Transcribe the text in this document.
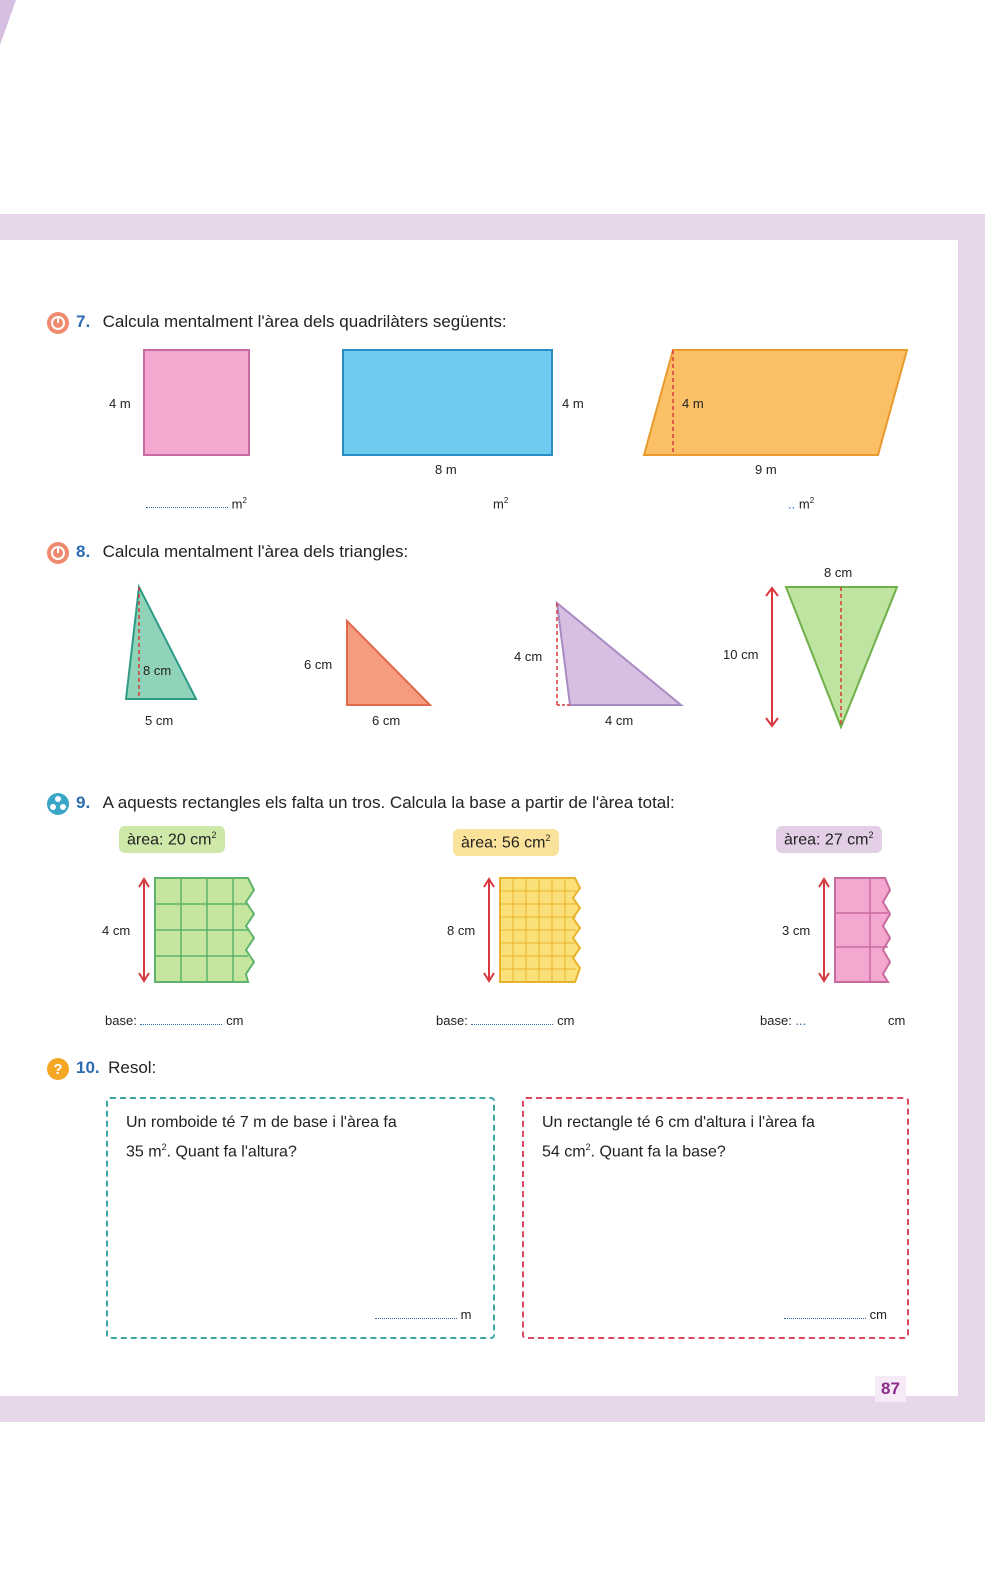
7. Calcula mentalment l'àrea dels quadrilàters següents:
4 m	4 m
8 m
4 m
9 m
$m^2$	$m^2$	.. $m^2$
8. Calcula mentalment l'àrea dels triangles:
8 cm
5 cm
6 cm
6 cm
4 cm
4 cm
8 cm
10 cm
9. A aquests rectangles els falta un tros. Calcula la base a partir de l'àrea total:
àrea: 20 $cm^2$	àrea: 56 $cm^2$	àrea: 27 $cm^2$
4 cm	8 cm	3 cm
base:	cm	base:	cm	base: ...	cm
? 10. Resol:
Un romboide té 7 m de base i l'àrea fa
35 $m^2$. Quant fa l'altura?
m
Un rectangle té 6 cm d'altura i l'àrea fa
54 $cm^2$. Quant fa la base?
cm
87
